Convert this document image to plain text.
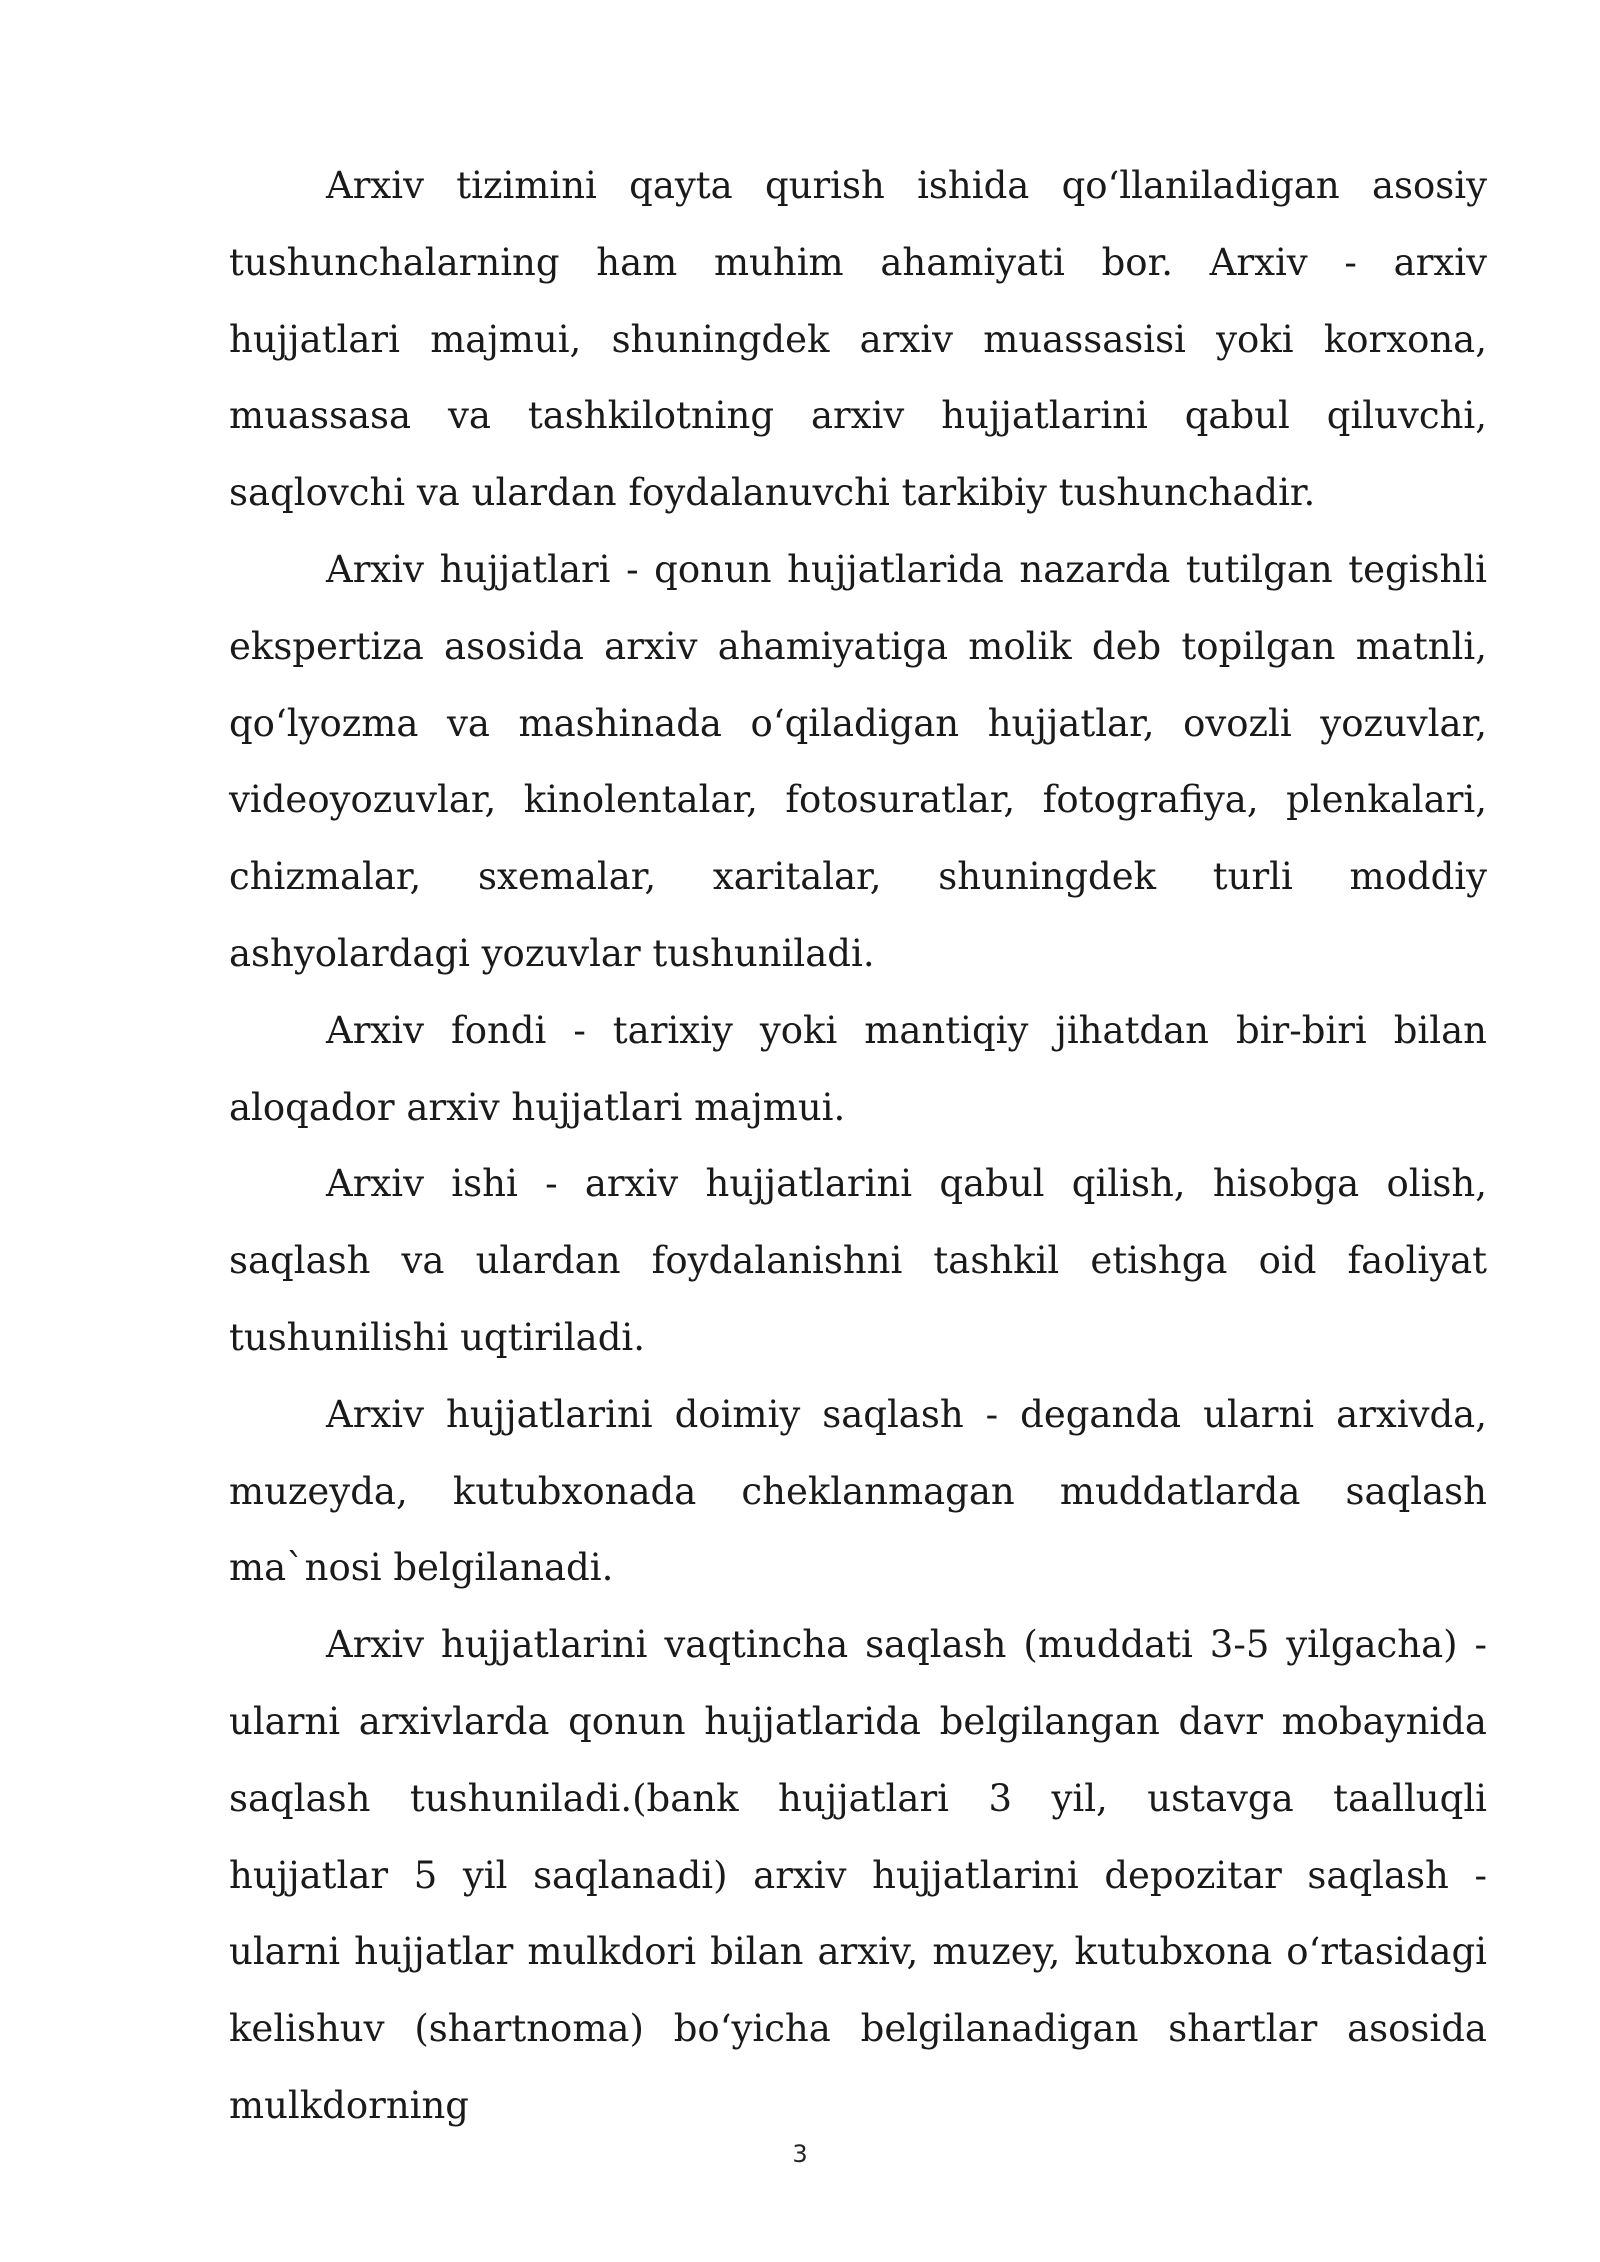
Arxiv tizimini qayta qurish ishida qoʻllaniladigan asosiy tushunchalarning ham muhim ahamiyati bor. Arxiv - arxiv hujjatlari majmui, shuningdek arxiv muassasisi yoki korxona, muassasa va tashkilotning arxiv hujjatlarini qabul qiluvchi, saqlovchi va ulardan foydalanuvchi tarkibiy tushunchadir.

Arxiv hujjatlari - qonun hujjatlarida nazarda tutilgan tegishli ekspertiza asosida arxiv ahamiyatiga molik deb topilgan matnli, qoʻlyozma va mashinada oʻqiladigan hujjatlar, ovozli yozuvlar, videoyozuvlar, kinolentalar, fotosuratlar, fotografiya, plenkalari, chizmalar, sxemalar, xaritalar, shuningdek turli moddiy ashyolardagi yozuvlar tushuniladi.

Arxiv fondi - tarixiy yoki mantiqiy jihatdan bir-biri bilan aloqador arxiv hujjatlari majmui.

Arxiv ishi - arxiv hujjatlarini qabul qilish, hisobga olish, saqlash va ulardan foydalanishni tashkil etishga oid faoliyat tushunilishi uqtiriladi.

Arxiv hujjatlarini doimiy saqlash - deganda ularni arxivda, muzeyda, kutubxonada cheklanmagan muddatlarda saqlash ma`nosi belgilanadi.

Arxiv hujjatlarini vaqtincha saqlash (muddati 3-5 yilgacha) - ularni arxivlarda qonun hujjatlarida belgilangan davr mobaynida saqlash tushuniladi.(bank hujjatlari 3 yil, ustavga taalluqli hujjatlar 5 yil saqlanadi) arxiv hujjatlarini depozitar saqlash - ularni hujjatlar mulkdori bilan arxiv, muzey, kutubxona oʻrtasidagi kelishuv (shartnoma) boʻyicha belgilanadigan shartlar asosida mulkdorning

3
